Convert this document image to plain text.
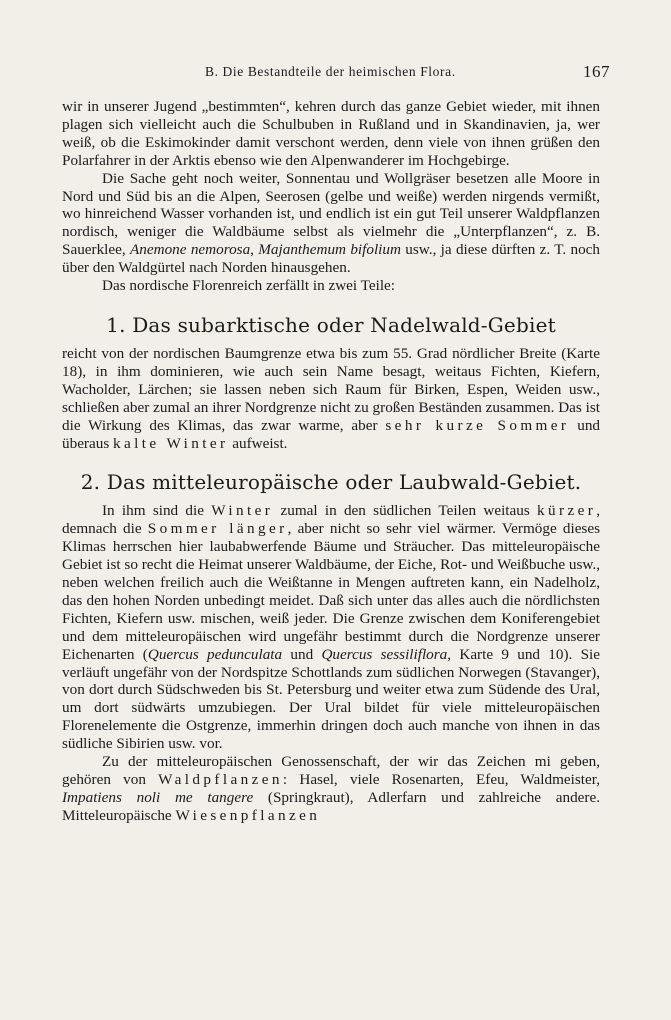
B. Die Bestandteile der heimischen Flora.	167

wir in unserer Jugend „bestimmten“, kehren durch das ganze Gebiet wieder, mit ihnen plagen sich vielleicht auch die Schulbuben in Rußland und in Skandinavien, ja, wer weiß, ob die Eskimokinder damit verschont werden, denn viele von ihnen grüßen den Polarfahrer in der Arktis ebenso wie den Alpenwanderer im Hochgebirge.

Die Sache geht noch weiter, Sonnentau und Wollgräser besetzen alle Moore in Nord und Süd bis an die Alpen, Seerosen (gelbe und weiße) werden nirgends vermißt, wo hinreichend Wasser vorhanden ist, und endlich ist ein gut Teil unserer Waldpflanzen nordisch, weniger die Waldbäume selbst als vielmehr die „Unterpflanzen“, z. B. Sauerklee, Anemone nemorosa, Majanthemum bifolium usw., ja diese dürften z. T. noch über den Waldgürtel nach Norden hinausgehen.

Das nordische Florenreich zerfällt in zwei Teile:

1. Das subarktische oder Nadelwald-Gebiet

reicht von der nordischen Baumgrenze etwa bis zum 55. Grad nördlicher Breite (Karte 18), in ihm dominieren, wie auch sein Name besagt, weitaus Fichten, Kiefern, Wacholder, Lärchen; sie lassen neben sich Raum für Birken, Espen, Weiden usw., schließen aber zumal an ihrer Nordgrenze nicht zu großen Beständen zusammen. Das ist die Wirkung des Klimas, das zwar warme, aber sehr kurze Sommer und überaus kalte Winter aufweist.

2. Das mitteleuropäische oder Laubwald-Gebiet.

In ihm sind die Winter zumal in den südlichen Teilen weitaus kürzer, demnach die Sommer länger, aber nicht so sehr viel wärmer. Vermöge dieses Klimas herrschen hier laubabwerfende Bäume und Sträucher. Das mitteleuropäische Gebiet ist so recht die Heimat unserer Waldbäume, der Eiche, Rot- und Weißbuche usw., neben welchen freilich auch die Weißtanne in Mengen auftreten kann, ein Nadelholz, das den hohen Norden unbedingt meidet. Daß sich unter das alles auch die nördlichsten Fichten, Kiefern usw. mischen, weiß jeder. Die Grenze zwischen dem Koniferengebiet und dem mitteleuropäischen wird ungefähr bestimmt durch die Nordgrenze unserer Eichenarten (Quercus pedunculata und Quercus sessiliflora, Karte 9 und 10). Sie verläuft ungefähr von der Nordspitze Schottlands zum südlichen Norwegen (Stavanger), von dort durch Südschweden bis St. Petersburg und weiter etwa zum Südende des Ural, um dort südwärts umzubiegen. Der Ural bildet für viele mitteleuropäischen Florenelemente die Ostgrenze, immerhin dringen doch auch manche von ihnen in das südliche Sibirien usw. vor.

Zu der mitteleuropäischen Genossenschaft, der wir das Zeichen mi geben, gehören von Waldpflanzen: Hasel, viele Rosenarten, Efeu, Waldmeister, Impatiens noli me tangere (Springkraut), Adlerfarn und zahlreiche andere. Mitteleuropäische Wiesenpflanzen
